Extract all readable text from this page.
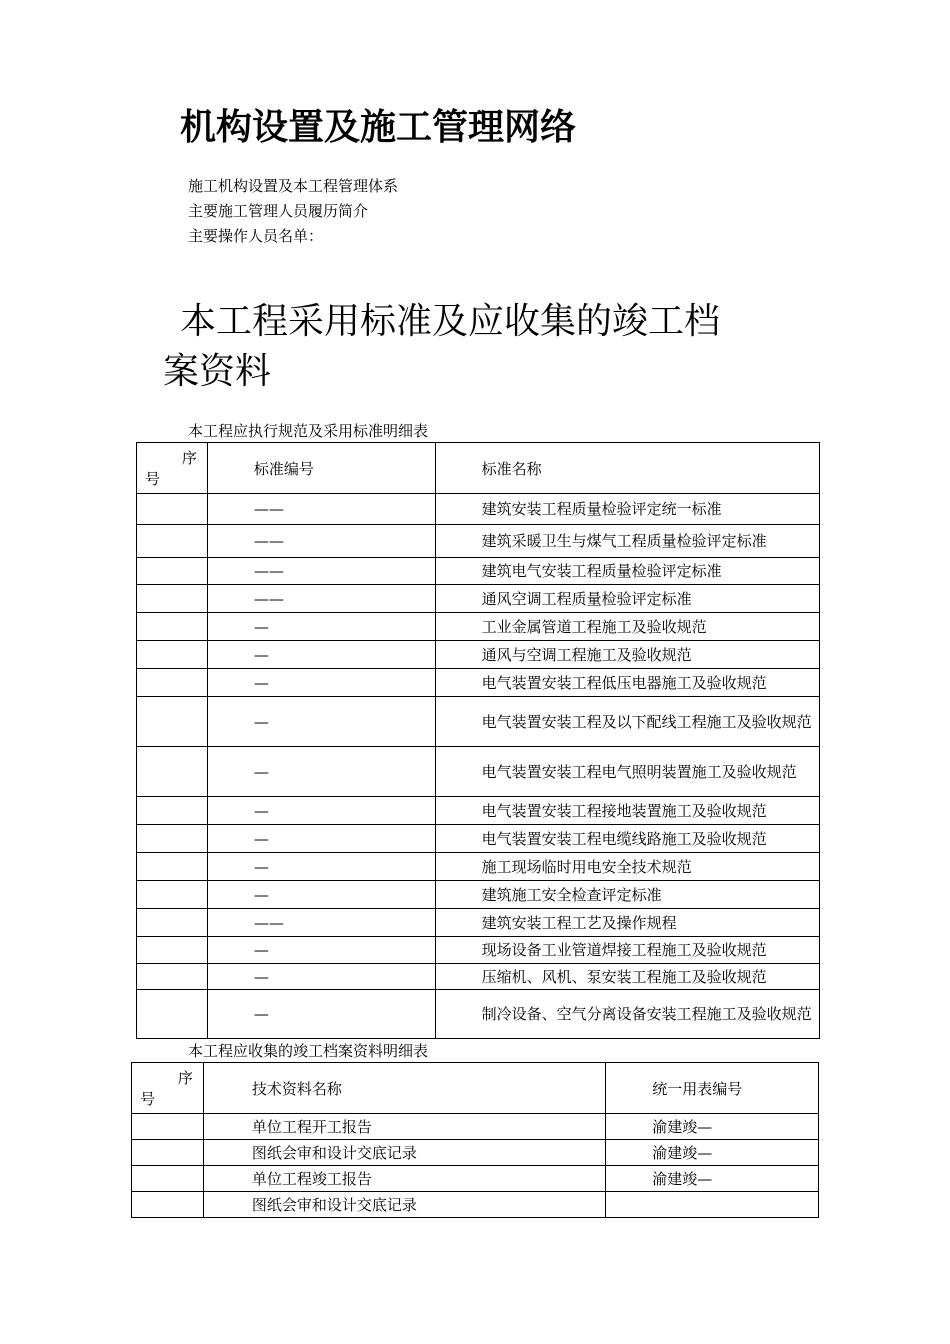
机构设置及施工管理网络
施工机构设置及本工程管理体系
主要施工管理人员履历简介
主要操作人员名单：
本工程采用标准及应收集的竣工档
案资料
本工程应执行规范及采用标准明细表
序
号	标准编号	标准名称
	——	建筑安装工程质量检验评定统一标准
	——	建筑采暖卫生与煤气工程质量检验评定标准
	——	建筑电气安装工程质量检验评定标准
	——	通风空调工程质量检验评定标准
	—	工业金属管道工程施工及验收规范
	—	通风与空调工程施工及验收规范
	—	电气装置安装工程低压电器施工及验收规范
	—	电气装置安装工程及以下配线工程施工及验收规范
	—	电气装置安装工程电气照明装置施工及验收规范
	—	电气装置安装工程接地装置施工及验收规范
	—	电气装置安装工程电缆线路施工及验收规范
	—	施工现场临时用电安全技术规范
	—	建筑施工安全检查评定标准
	——	建筑安装工程工艺及操作规程
	—	现场设备工业管道焊接工程施工及验收规范
	—	压缩机、风机、泵安装工程施工及验收规范
	—	制冷设备、空气分离设备安装工程施工及验收规范
本工程应收集的竣工档案资料明细表
序
号	技术资料名称	统一用表编号
	单位工程开工报告	渝建竣—
	图纸会审和设计交底记录	渝建竣—
	单位工程竣工报告	渝建竣—
	图纸会审和设计交底记录	
